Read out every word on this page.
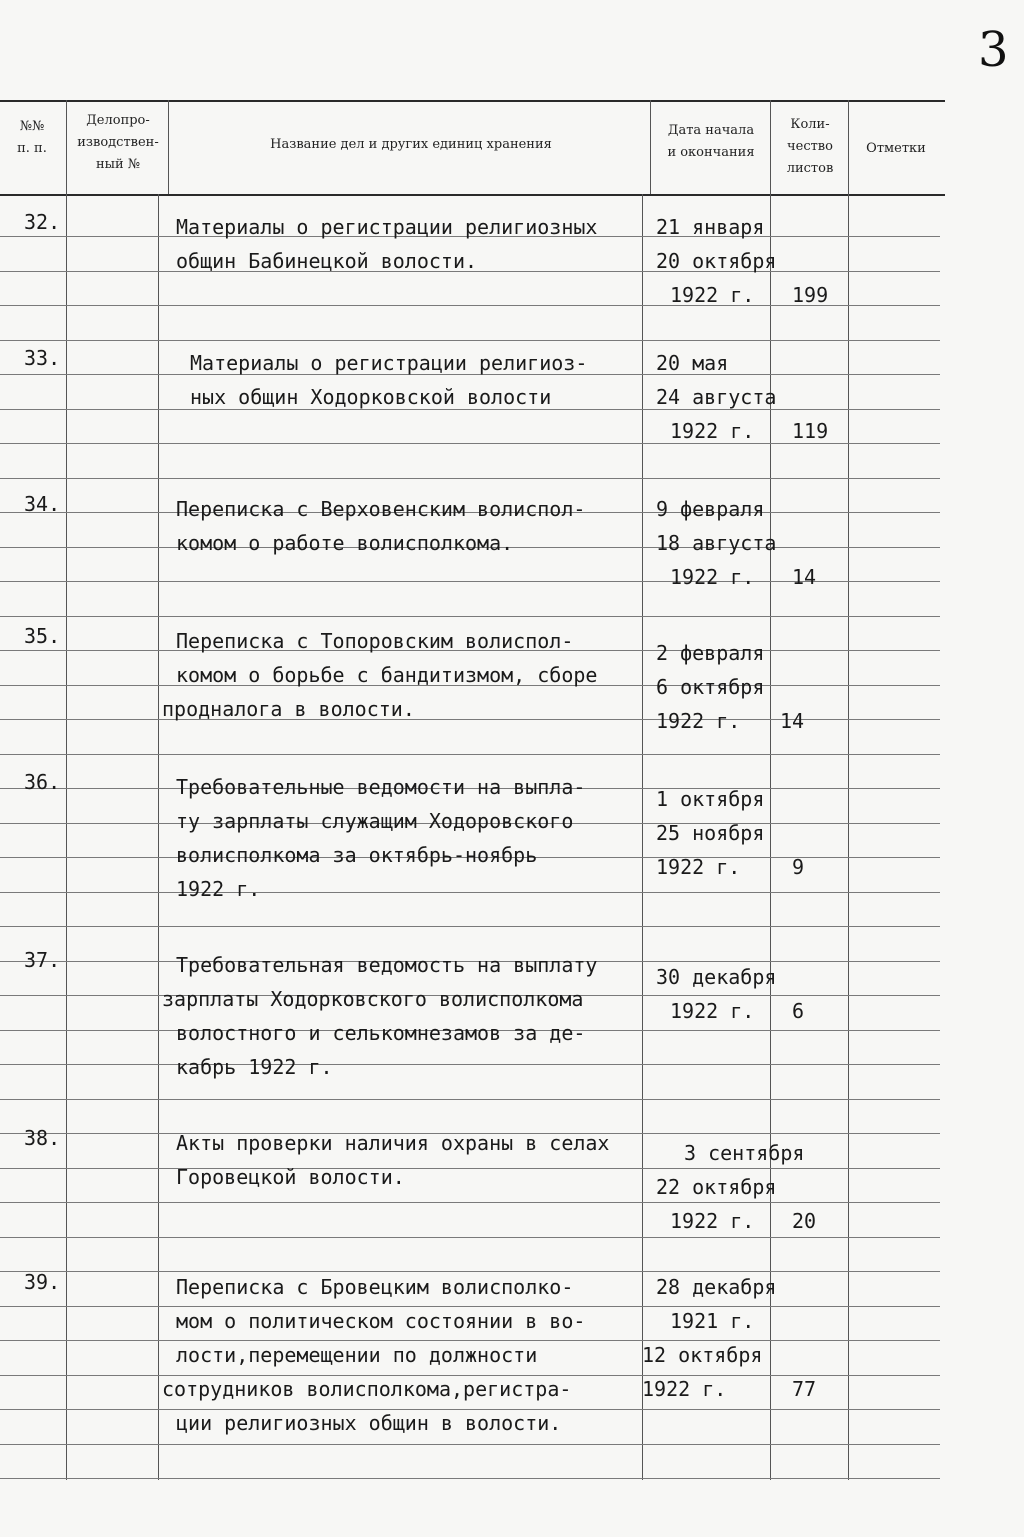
3
№№
п. п.
Делопро-
изводствен-
ный №
Название дел и других единиц хранения
Дата начала
и окончания
Коли-
чество
листов
Отметки
32.	Материалы о регистрации религиозных
общин Бабинецкой волости.
21 января
20 октября
1922 г.	199
33.	Материалы о регистрации религиоз-
ных общин Ходорковской волости
20 мая
24 августа
1922 г.	119
34.	Переписка с Верховенским волиспол-
комом о работе волисполкома.
9 февраля
18 августа
1922 г.	14
35.	Переписка с Топоровским волиспол-
комом о борьбе с бандитизмом, сборе
продналога в волости.
2 февраля
6 октября
1922 г.	14
36.	Требовательные ведомости на выпла-
ту зарплаты служащим Ходоровского
волисполкома за октябрь-ноябрь
1922 г.
1 октября
25 ноября
1922 г.	9
37.	Требовательная ведомость на выплату
зарплаты Ходорковского волисполкома
волостного и селькомнезамов за де-
кабрь 1922 г.
30 декабря
1922 г.	6
38.	Акты проверки наличия охраны в селах
Горовецкой волости.
3 сентября
22 октября
1922 г.	20
39.	Переписка с Бровецким волисполко-
мом о политическом состоянии в во-
лости,перемещении по должности
сотрудников волисполкома,регистра-
ции религиозных общин в волости.
28 декабря
1921 г.
12 октября
1922 г.	77
